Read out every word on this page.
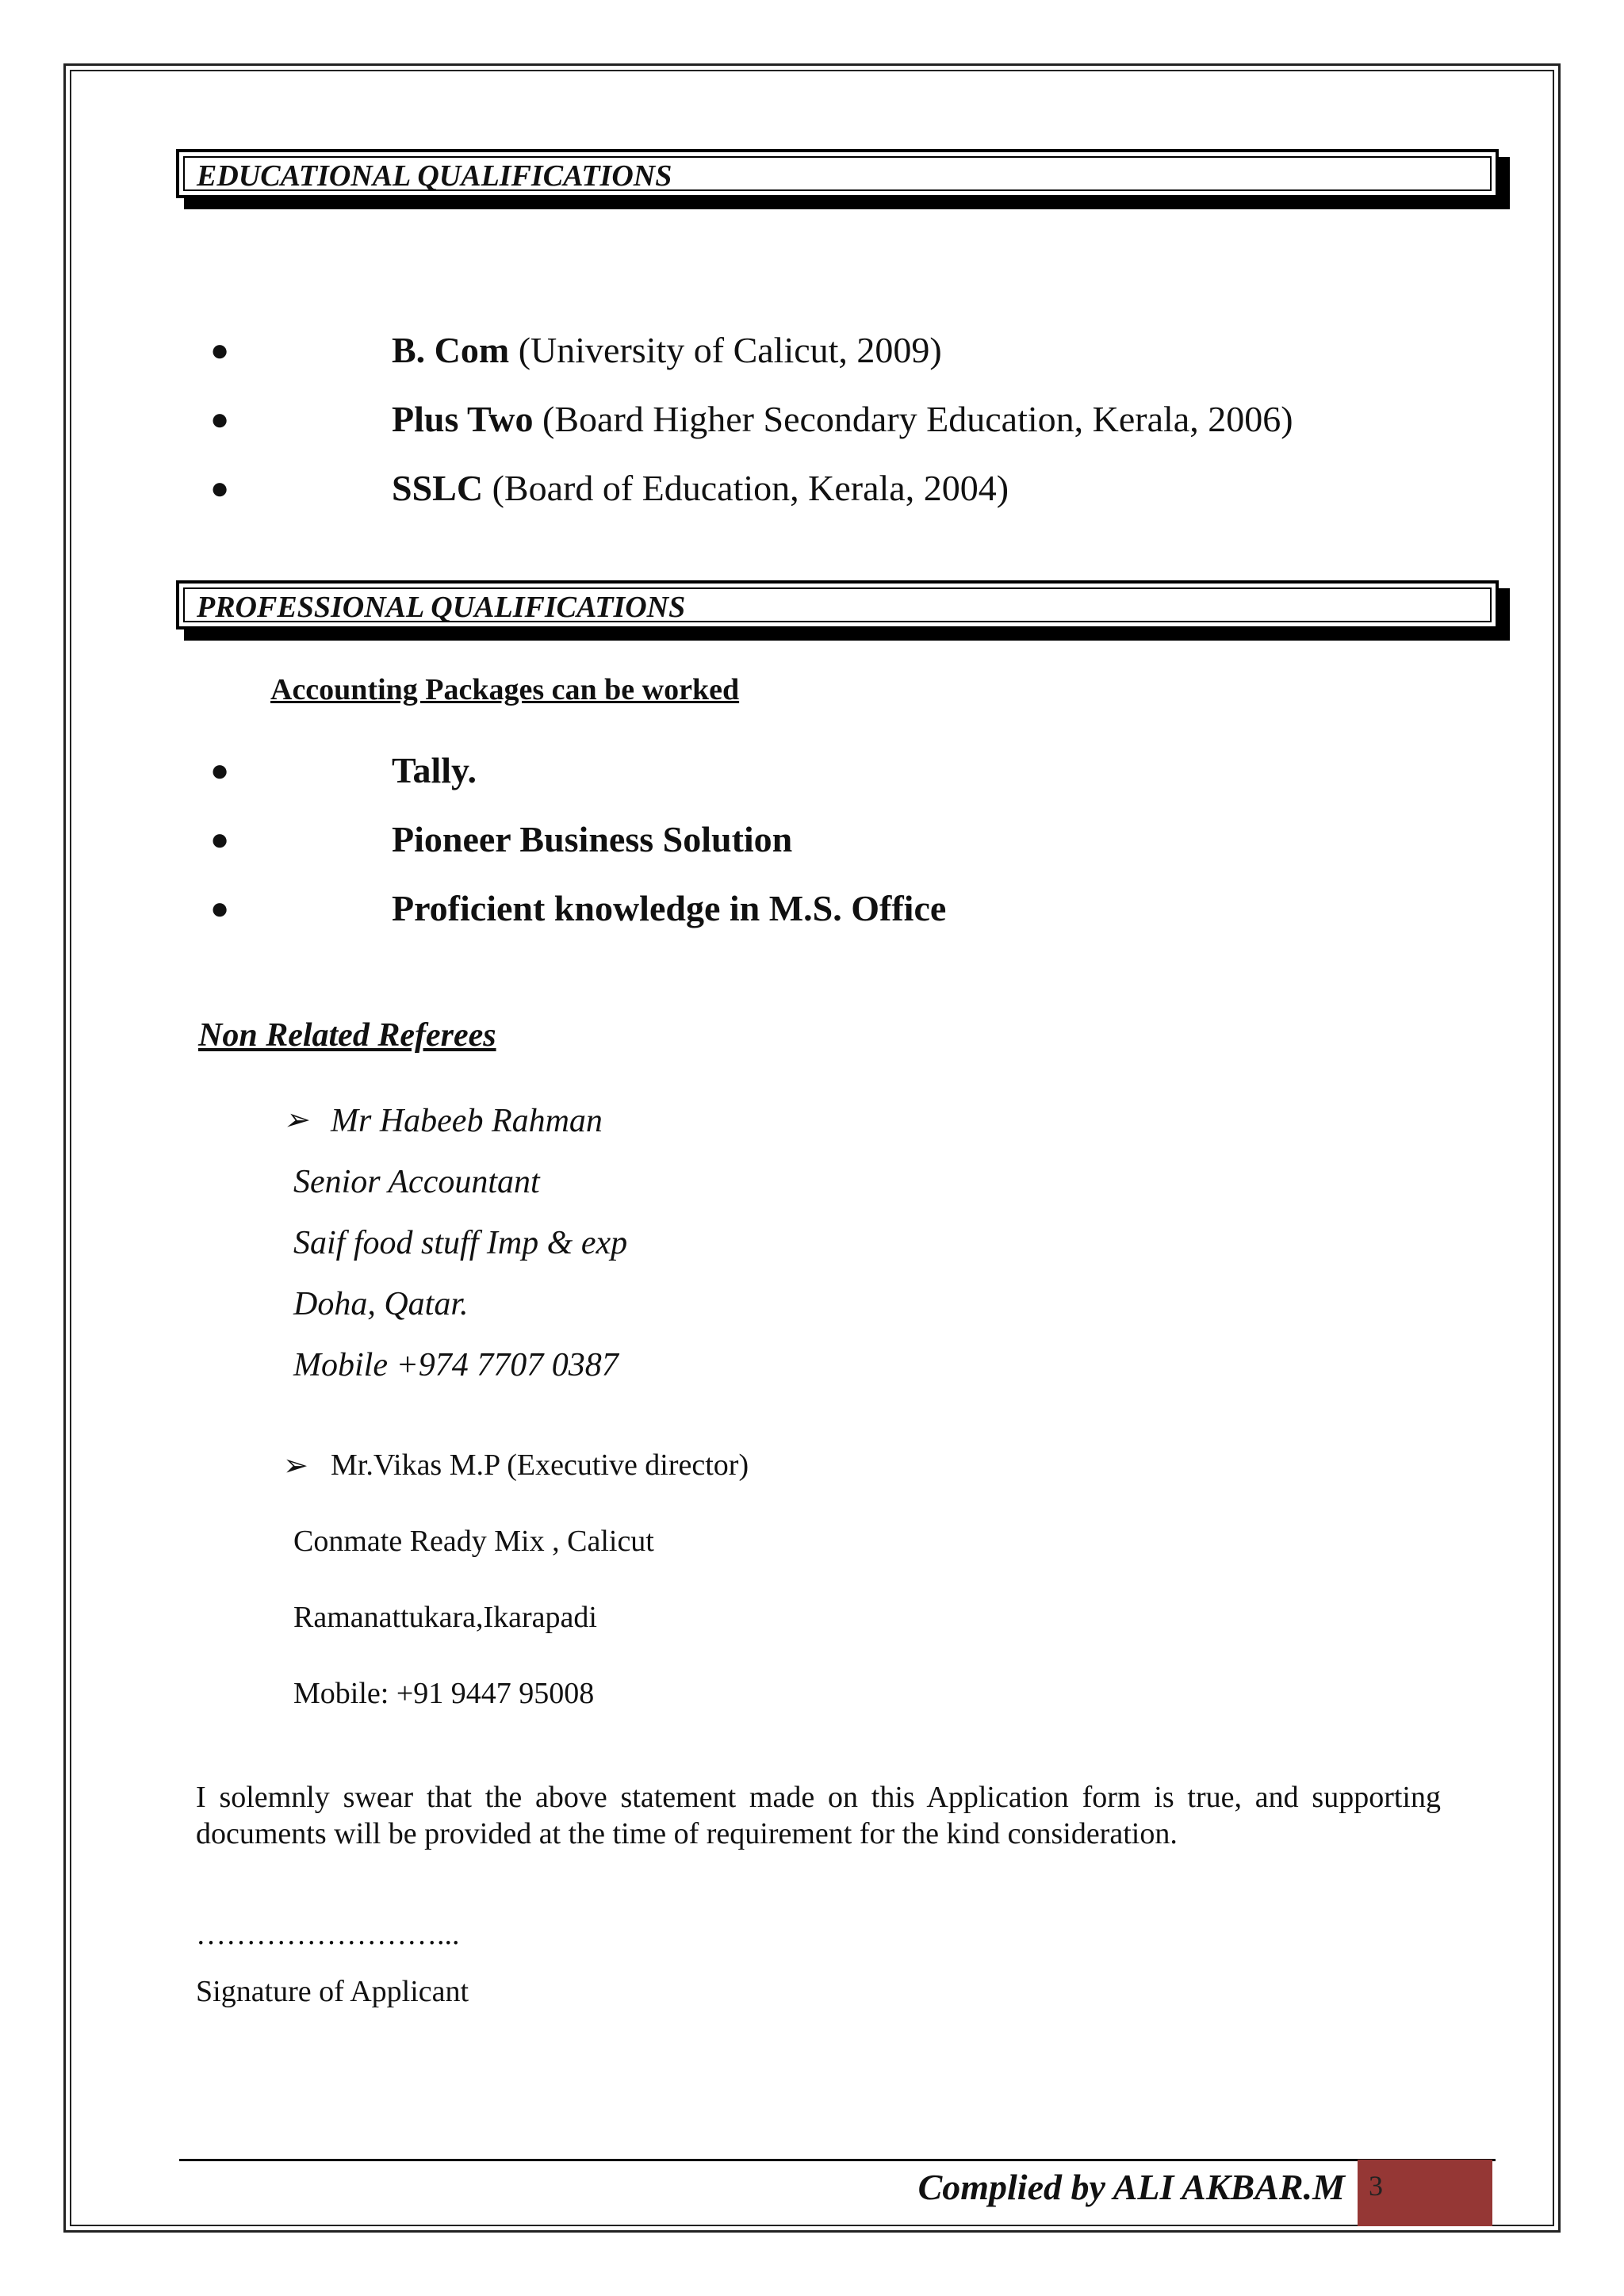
EDUCATIONAL QUALIFICATIONS
●	B. Com (University of Calicut, 2009)
●	Plus Two (Board Higher Secondary Education, Kerala, 2006)
●	SSLC (Board of Education, Kerala, 2004)
PROFESSIONAL QUALIFICATIONS
Accounting Packages can be worked
●	Tally.
●	Pioneer Business Solution
●	Proficient knowledge in M.S. Office
Non Related Referees
➢ Mr Habeeb Rahman
Senior Accountant
Saif food stuff Imp & exp
Doha, Qatar.
Mobile +974 7707 0387
➢ Mr.Vikas M.P (Executive director)
Conmate Ready Mix , Calicut
Ramanattukara,Ikarapadi
Mobile: +91 9447 95008
I solemnly swear that the above statement made on this Application form is true, and supporting documents will be provided at the time of requirement for the kind consideration.
……………………...
Signature of Applicant
Complied by ALI AKBAR.M 3
